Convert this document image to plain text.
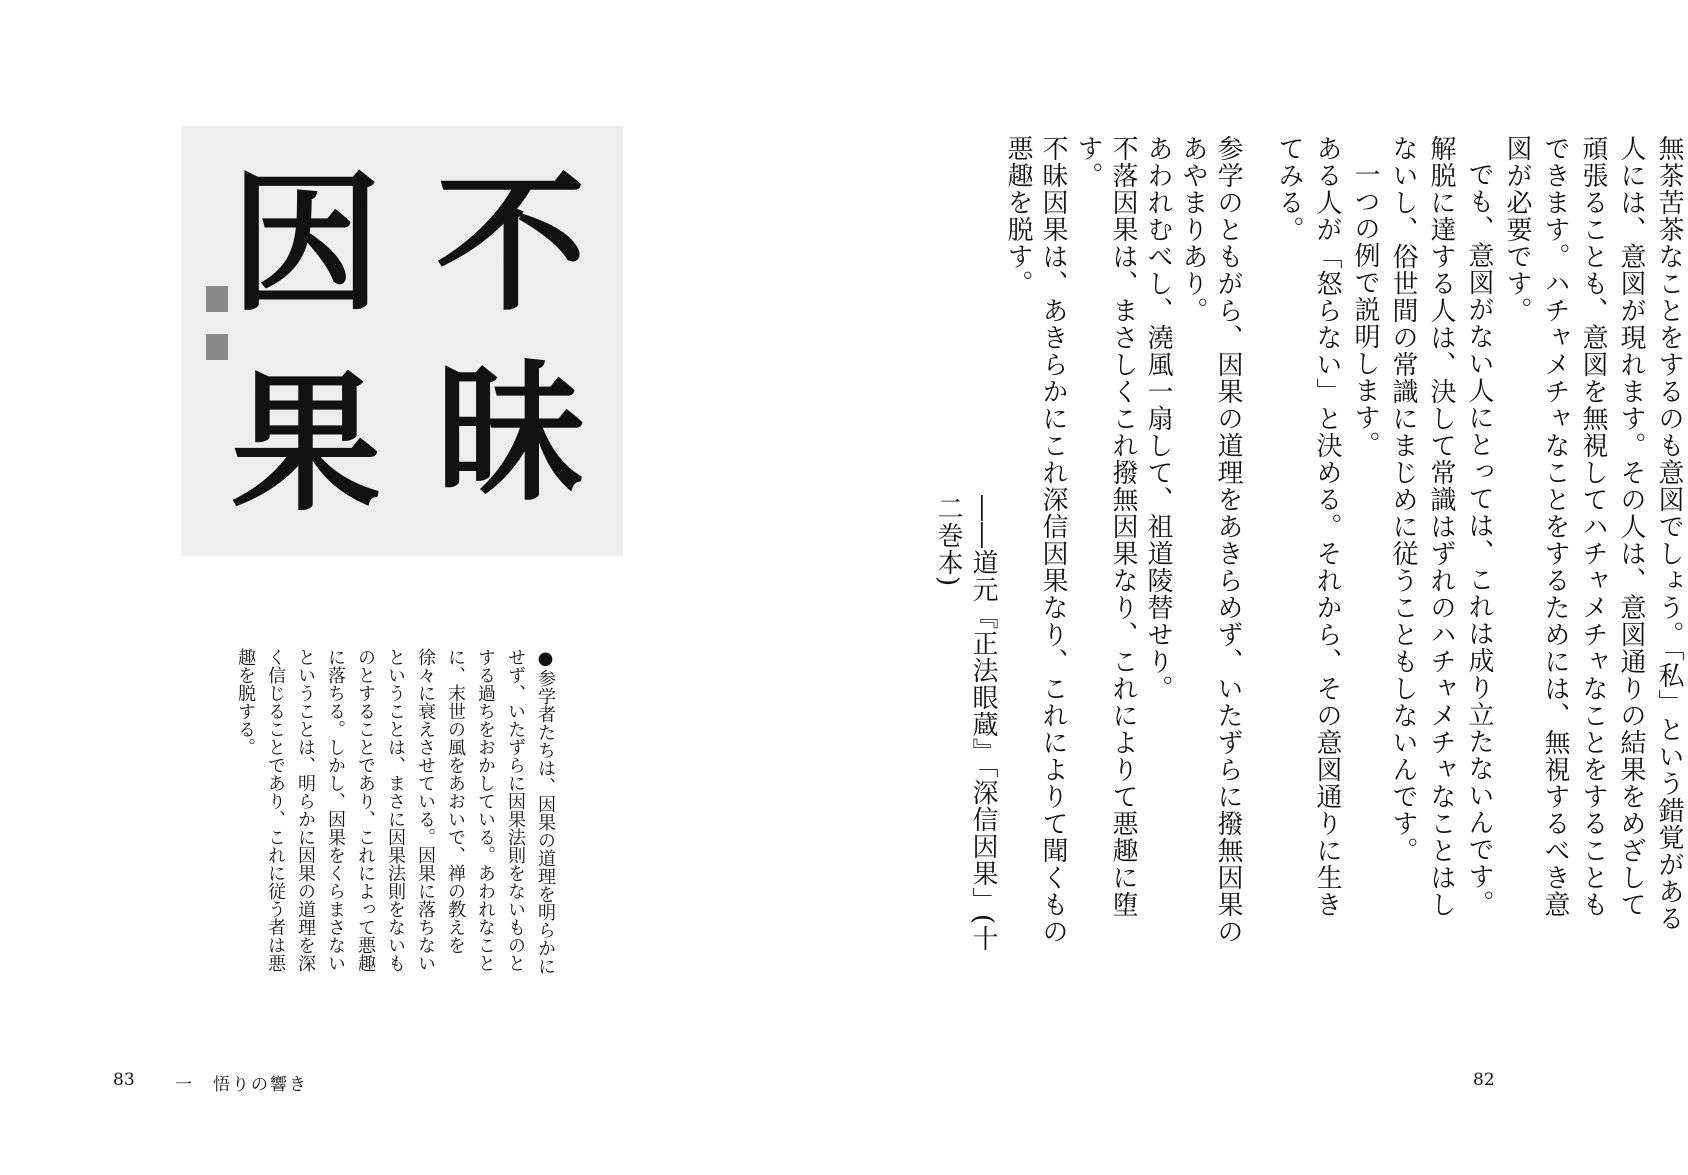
無茶苦茶なことをするのも意図でしょう。「私」という錯覚がある人には、意図が現れます。その人は、意図通りの結果をめざして頑張ることも、意図を無視してハチャメチャなことをすることもできます。ハチャメチャなことをするためには、無視するべき意図が必要です。

でも、意図がない人にとっては、これは成り立たないんです。解脱に達する人は、決して常識はずれのハチャメチャなことはしないし、俗世間の常識にまじめに従うこともしないんです。

一つの例で説明します。

ある人が「怒らない」と決める。それから、その意図通りに生きてみる。

参学のともがら、因果の道理をあきらめず、いたずらに撥無因果のあやまりあり。

あわれむべし、澆風一扇して、祖道陵替せり。

不落因果は、まさしくこれ撥無因果なり、これによりて悪趣に堕す。

不昧因果は、あきらかにこれ深信因果なり、これによりて聞くもの悪趣を脱す。

――道元『正法眼蔵』「深信因果」(十二巻本)

不
昧
因
果

●参学者たちは、因果の道理を明らかにせず、いたずらに因果法則をないものとする過ちをおかしている。あわれなことに、末世の風をあおいで、禅の教えを徐々に衰えさせている。因果に落ちないということは、まさに因果法則をないものとすることであり、これによって悪趣に落ちる。しかし、因果をくらまさないということは、明らかに因果の道理を深く信じることであり、これに従う者は悪趣を脱する。

83 一　悟りの響き	82
